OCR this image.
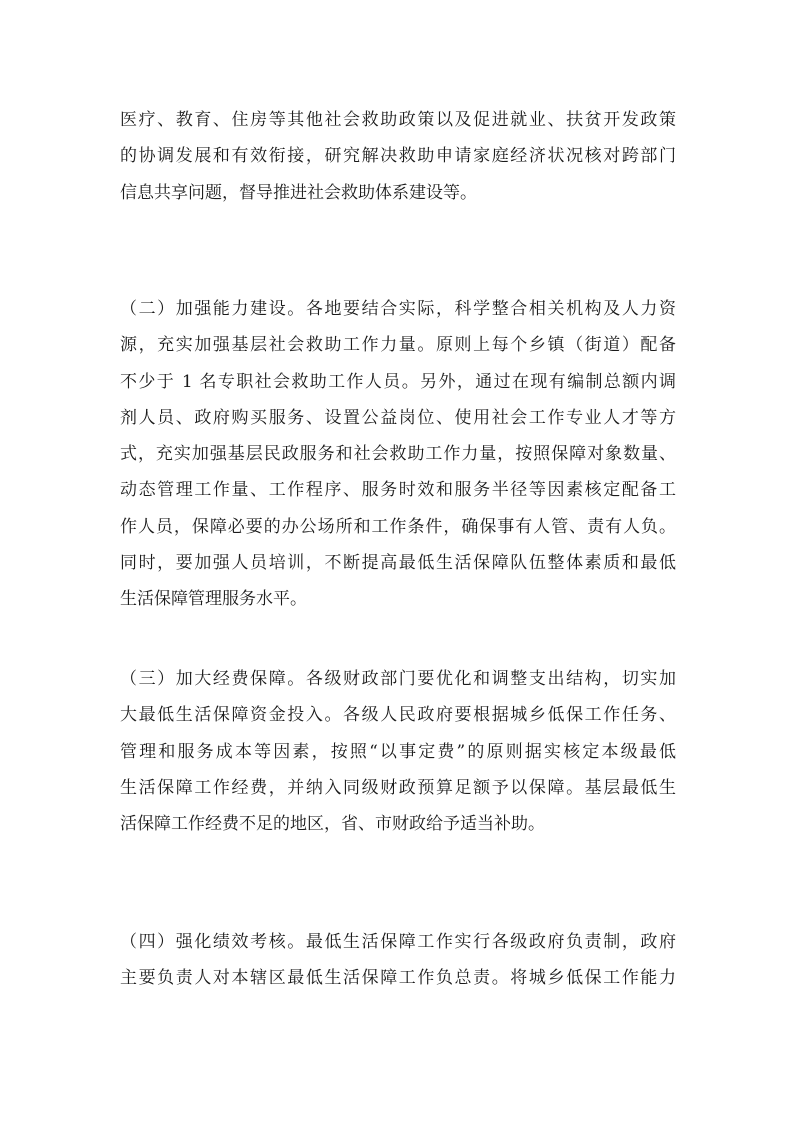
医疗、教育、住房等其他社会救助政策以及促进就业、扶贫开发政策
的协调发展和有效衔接，研究解决救助申请家庭经济状况核对跨部门
信息共享问题，督导推进社会救助体系建设等。

（二）加强能力建设。各地要结合实际，科学整合相关机构及人力资
源，充实加强基层社会救助工作力量。原则上每个乡镇（街道）配备
不少于 1 名专职社会救助工作人员。另外，通过在现有编制总额内调
剂人员、政府购买服务、设置公益岗位、使用社会工作专业人才等方
式，充实加强基层民政服务和社会救助工作力量，按照保障对象数量、
动态管理工作量、工作程序、服务时效和服务半径等因素核定配备工
作人员，保障必要的办公场所和工作条件，确保事有人管、责有人负。
同时，要加强人员培训，不断提高最低生活保障队伍整体素质和最低
生活保障管理服务水平。

（三）加大经费保障。各级财政部门要优化和调整支出结构，切实加
大最低生活保障资金投入。各级人民政府要根据城乡低保工作任务、
管理和服务成本等因素，按照“以事定费”的原则据实核定本级最低
生活保障工作经费，并纳入同级财政预算足额予以保障。基层最低生
活保障工作经费不足的地区，省、市财政给予适当补助。

（四）强化绩效考核。最低生活保障工作实行各级政府负责制，政府
主要负责人对本辖区最低生活保障工作负总责。将城乡低保工作能力
